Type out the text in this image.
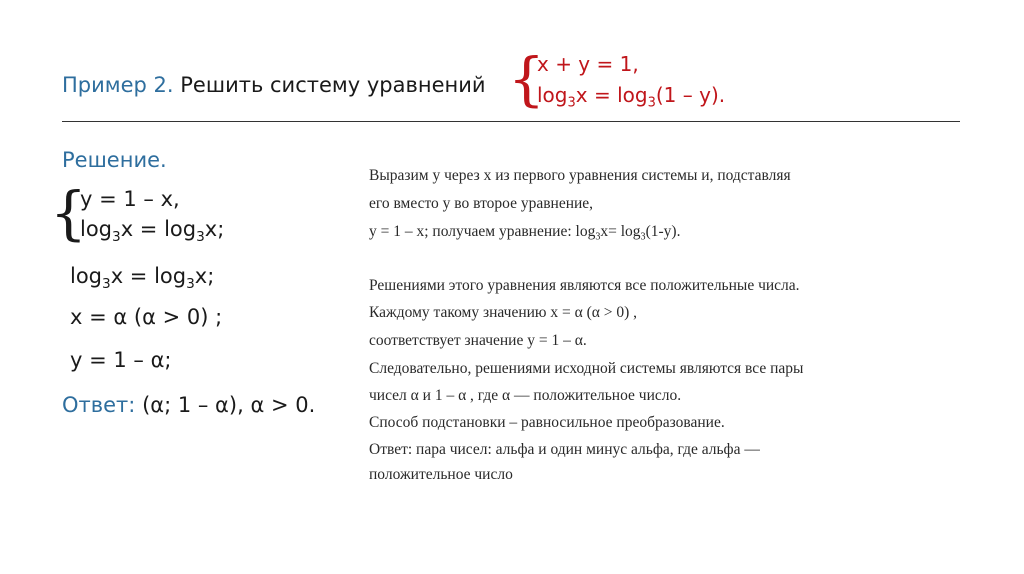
Пример 2. Решить систему уравнений {
x + y = 1,
$\log_3x = \log_3(1 - y)$.
Решение.
{
y = 1 – x,
$\log_3x = \log_3x$;
$\log_3x = \log_3x$;
x = α (α > 0) ;
y = 1 – α;
Ответ: (α; 1 – α), α > 0.
Выразим у через х из первого уравнения системы и, подставляя
его вместо у во второе уравнение,
у = 1 – х; получаем уравнение: $\log_3x= \log_3(1-y)$.
Решениями этого уравнения являются все положительные числа.
Каждому такому значению х = α (α > 0) ,
соответствует значение у = 1 – α.
Следовательно, решениями исходной системы являются все пары
чисел α и 1 – α , где α — положительное число.
Способ подстановки – равносильное преобразование.
Ответ: пара чисел: альфа и один минус альфа, где альфа —
положительное число
